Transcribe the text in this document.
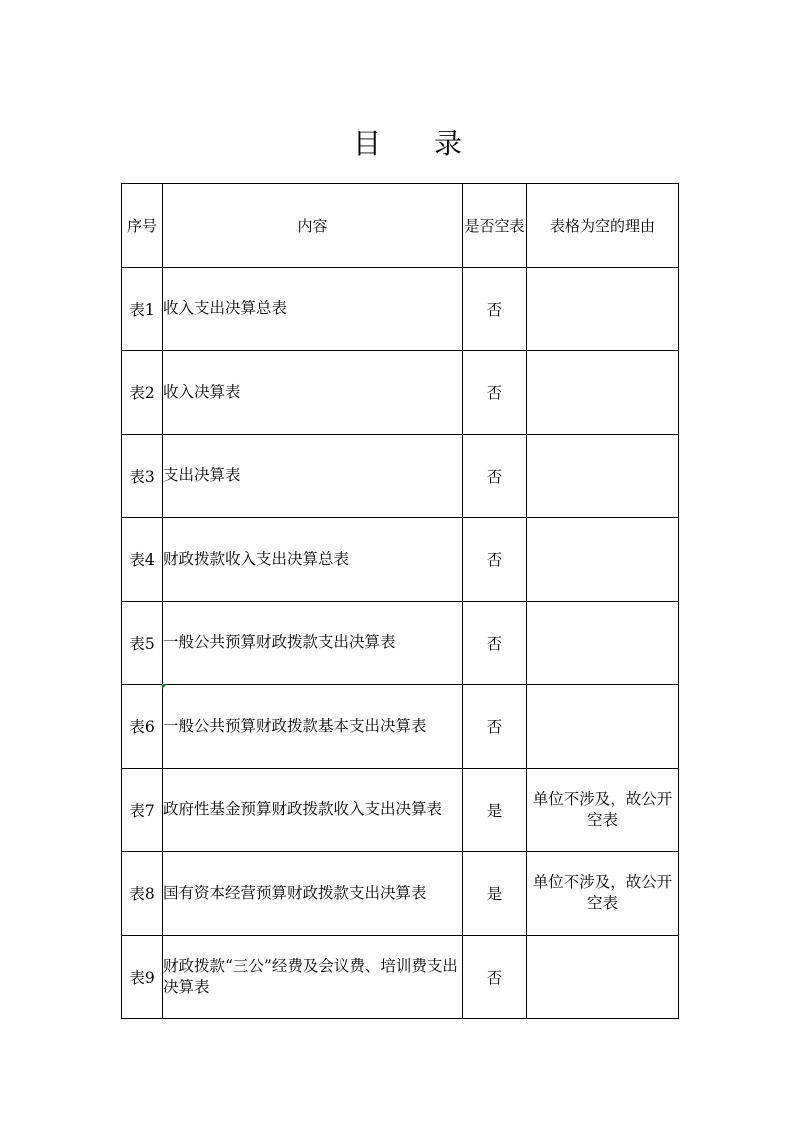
目 录
序号	内容	是否空表	表格为空的理由
表1	收入支出决算总表	否	
表2	收入决算表	否	
表3	支出决算表	否	
表4	财政拨款收入支出决算总表	否	
表5	一般公共预算财政拨款支出决算表	否	
表6	一般公共预算财政拨款基本支出决算表	否	
表7	政府性基金预算财政拨款收入支出决算表	是	单位不涉及，故公开空表
表8	国有资本经营预算财政拨款支出决算表	是	单位不涉及，故公开空表
表9	财政拨款“三公”经费及会议费、培训费支出决算表	否	
